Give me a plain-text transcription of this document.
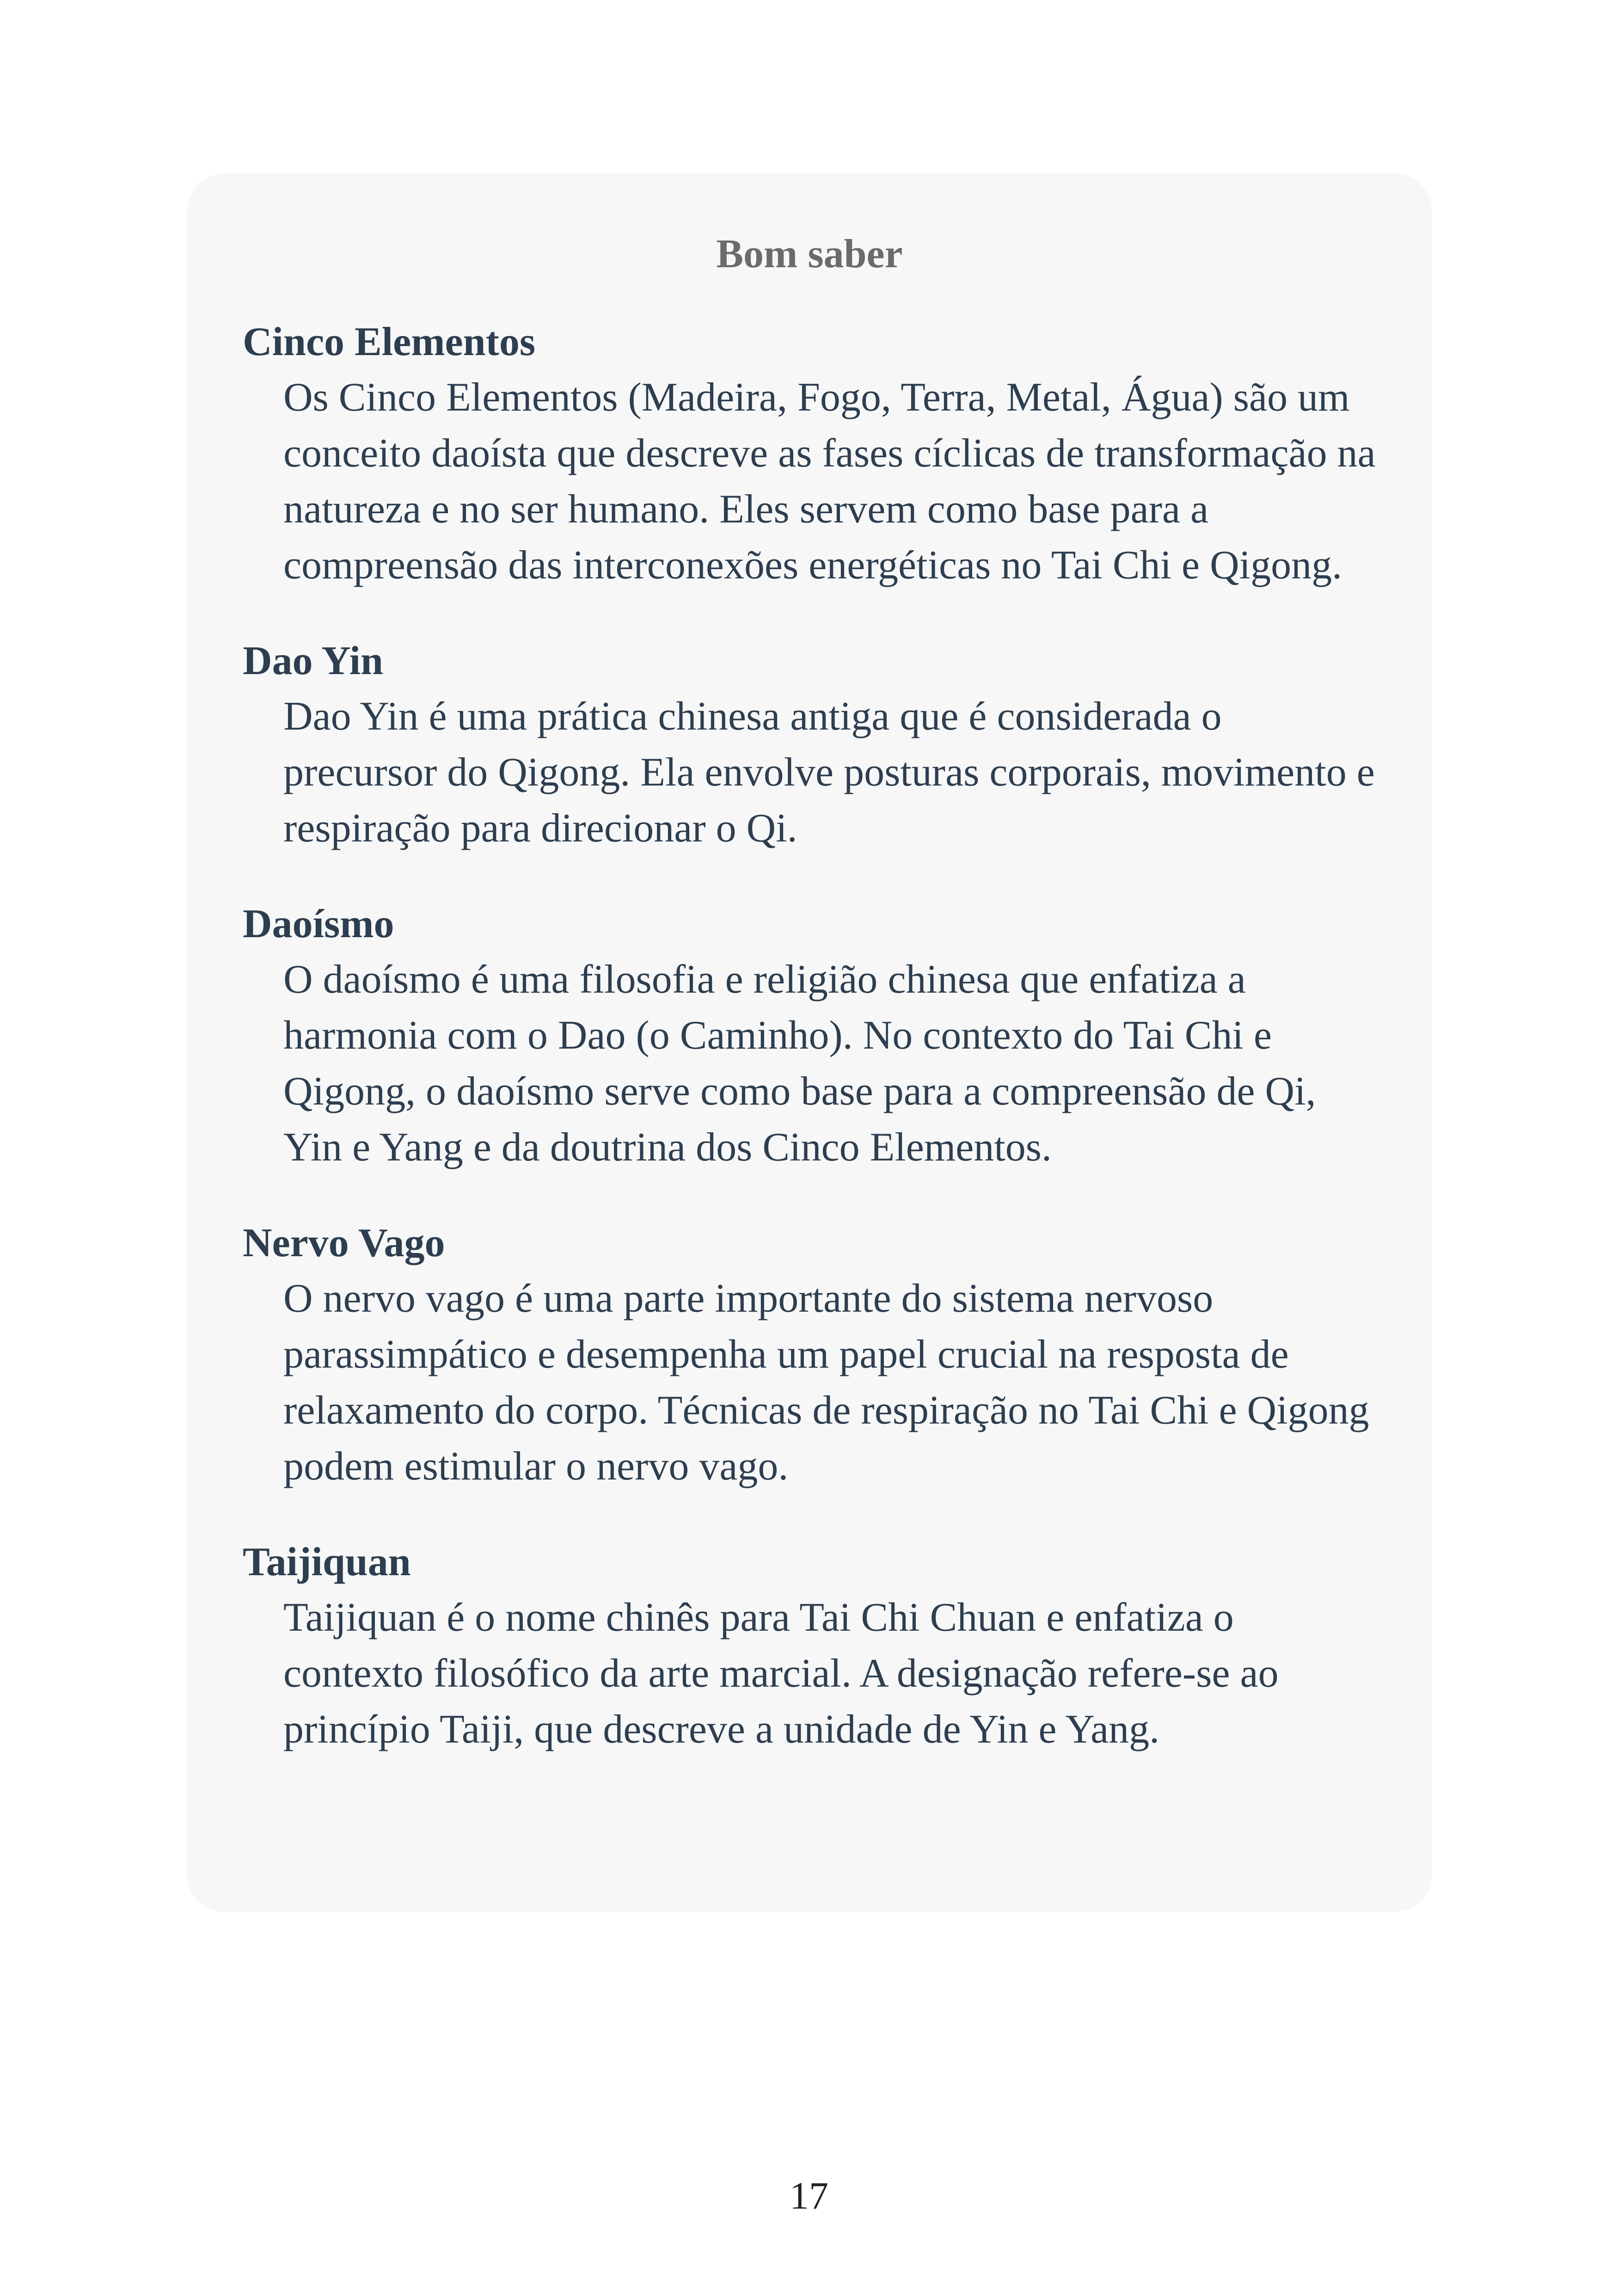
Bom saber
Cinco Elementos
Os Cinco Elementos (Madeira, Fogo, Terra, Metal, Água) são um conceito daoísta que descreve as fases cíclicas de transformação na natureza e no ser humano. Eles servem como base para a compreensão das interconexões energéticas no Tai Chi e Qigong.
Dao Yin
Dao Yin é uma prática chinesa antiga que é considerada o precursor do Qigong. Ela envolve posturas corporais, movimento e respiração para direcionar o Qi.
Daoísmo
O daoísmo é uma filosofia e religião chinesa que enfatiza a harmonia com o Dao (o Caminho). No contexto do Tai Chi e Qigong, o daoísmo serve como base para a compreensão de Qi, Yin e Yang e da doutrina dos Cinco Elementos.
Nervo Vago
O nervo vago é uma parte importante do sistema nervoso parassimpático e desempenha um papel crucial na resposta de relaxamento do corpo. Técnicas de respiração no Tai Chi e Qigong podem estimular o nervo vago.
Taijiquan
Taijiquan é o nome chinês para Tai Chi Chuan e enfatiza o contexto filosófico da arte marcial. A designação refere-se ao princípio Taiji, que descreve a unidade de Yin e Yang.
17
